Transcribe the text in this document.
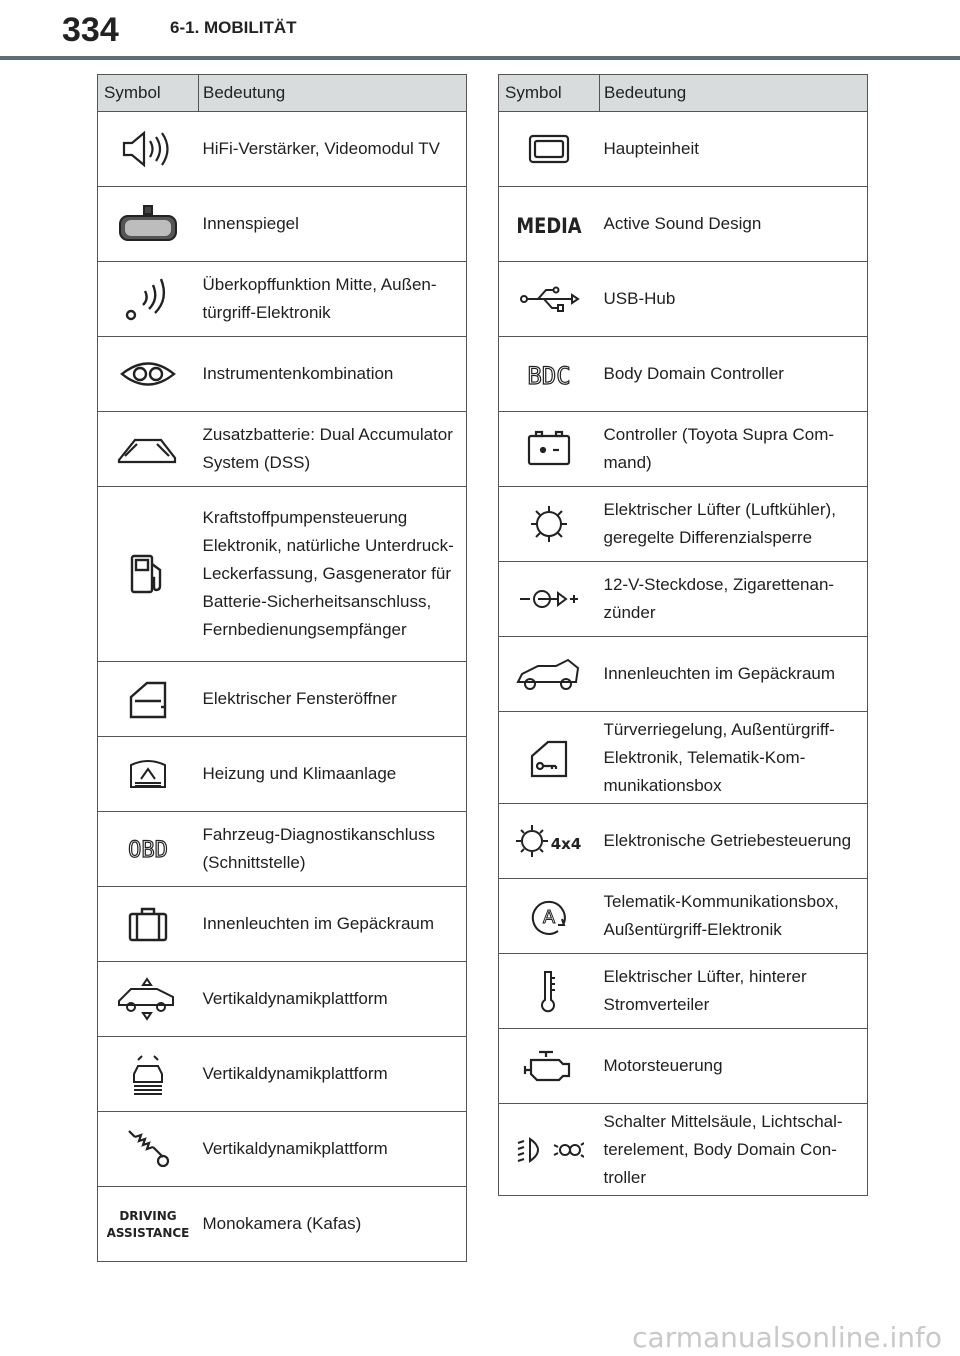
334	6-1. MOBILITÄT
Symbol	Bedeutung

	HiFi-Verstärker, Videomodul TV

	Innenspiegel

	Überkopffunktion Mitte, Außentürgriff-Elektronik

	Instrumentenkombination

	Zusatzbatterie: Dual Accumulator System (DSS)

	Kraftstoffpumpensteuerung Elektronik, natürliche Unterdruck-Leckerfassung, Gasgenerator für Batterie-Sicherheitsanschluss, Fernbedienungsempfänger

	Elektrischer Fensteröffner

	Heizung und Klimaanlage

OBD	Fahrzeug-Diagnostikanschluss (Schnittstelle)

	Innenleuchten im Gepäckraum

	Vertikaldynamikplattform

	Vertikaldynamikplattform

	Vertikaldynamikplattform

DRIVING
ASSISTANCE	Monokamera (Kafas)
Symbol	Bedeutung

	Haupteinheit

MEDIA	Active Sound Design

	USB-Hub

BDC	Body Domain Controller

	Controller (Toyota Supra Command)

	Elektrischer Lüfter (Luftkühler), geregelte Differenzialsperre

	12-V-Steckdose, Zigarettenanzünder

	Innenleuchten im Gepäckraum

	Türverriegelung, Außentürgriff-Elektronik, Telematik-Kommunikationsbox

4x4	Elektronische Getriebesteuerung

A	Telematik-Kommunikationsbox, Außentürgriff-Elektronik

	Elektrischer Lüfter, hinterer Stromverteiler

	Motorsteuerung

	Schalter Mittelsäule, Lichtschalterelement, Body Domain Controller
carmanualsonline.info
